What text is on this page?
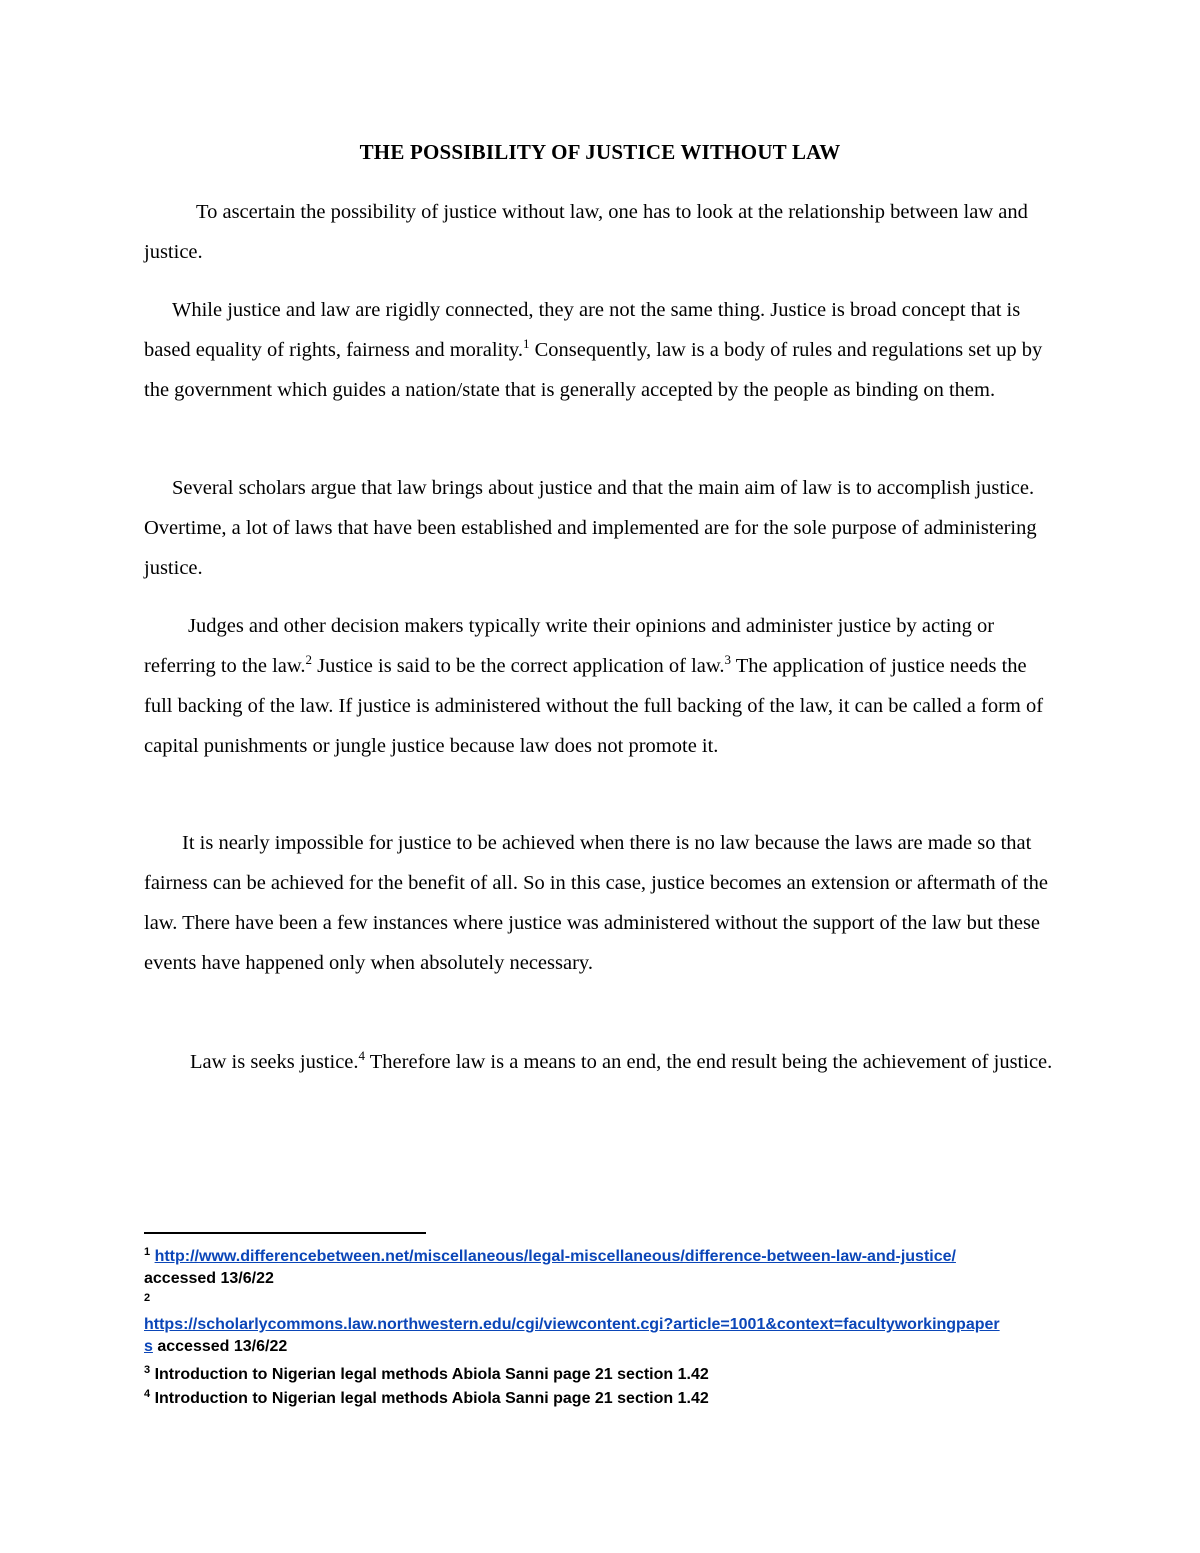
THE POSSIBILITY OF JUSTICE WITHOUT LAW
To ascertain the possibility of justice without law, one has to look at the relationship between law and justice.
While justice and law are rigidly connected, they are not the same thing. Justice is broad concept that is based equality of rights, fairness and morality.$^1$ Consequently, law is a body of rules and regulations set up by the government which guides a nation/state that is generally accepted by the people as binding on them.
Several scholars argue that law brings about justice and that the main aim of law is to accomplish justice. Overtime, a lot of laws that have been established and implemented are for the sole purpose of administering justice.
Judges and other decision makers typically write their opinions and administer justice by acting or referring to the law.$^2$ Justice is said to be the correct application of law.$^3$ The application of justice needs the full backing of the law. If justice is administered without the full backing of the law, it can be called a form of capital punishments or jungle justice because law does not promote it.
It is nearly impossible for justice to be achieved when there is no law because the laws are made so that fairness can be achieved for the benefit of all. So in this case, justice becomes an extension or aftermath of the law. There have been a few instances where justice was administered without the support of the law but these events have happened only when absolutely necessary.
Law is seeks justice.$^4$ Therefore law is a means to an end, the end result being the achievement of justice.
$^1$ http://www.differencebetween.net/miscellaneous/legal-miscellaneous/difference-between-law-and-justice/
accessed 13/6/22
$^2$
https://scholarlycommons.law.northwestern.edu/cgi/viewcontent.cgi?article=1001&context=facultyworkingpaper
s accessed 13/6/22
$^3$ Introduction to Nigerian legal methods Abiola Sanni page 21 section 1.42
$^4$ Introduction to Nigerian legal methods Abiola Sanni page 21 section 1.42
